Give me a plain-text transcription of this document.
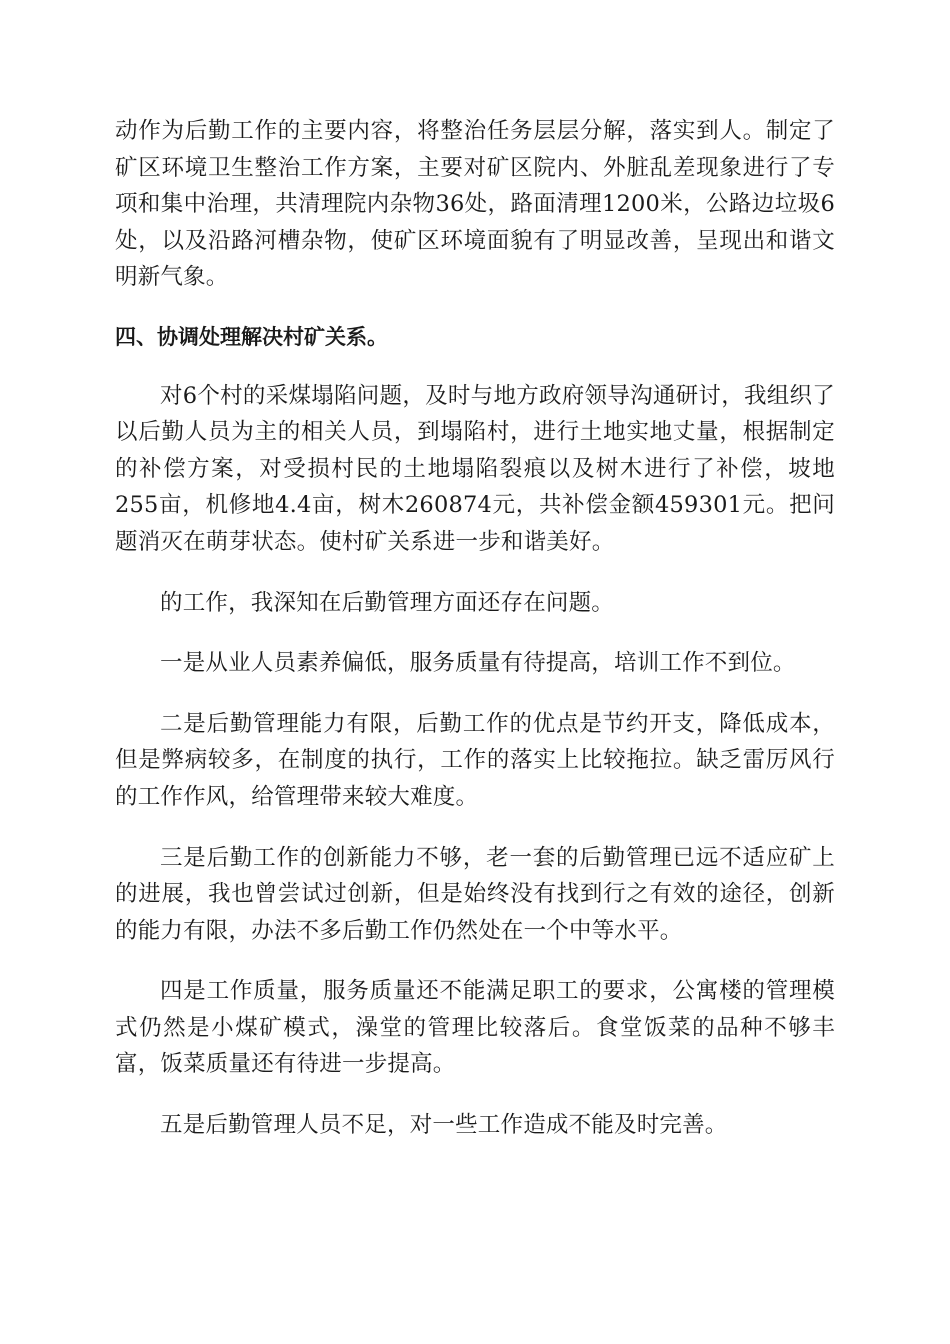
动作为后勤工作的主要内容，将整治任务层层分解，落实到人。制定了矿区环境卫生整治工作方案，主要对矿区院内、外脏乱差现象进行了专项和集中治理，共清理院内杂物36处，路面清理1200米，公路边垃圾6处，以及沿路河槽杂物，使矿区环境面貌有了明显改善，呈现出和谐文明新气象。

四、协调处理解决村矿关系。

对6个村的采煤塌陷问题，及时与地方政府领导沟通研讨，我组织了以后勤人员为主的相关人员，到塌陷村，进行土地实地丈量，根据制定的补偿方案，对受损村民的土地塌陷裂痕以及树木进行了补偿，坡地255亩，机修地4.4亩，树木260874元，共补偿金额459301元。把问题消灭在萌芽状态。使村矿关系进一步和谐美好。

的工作，我深知在后勤管理方面还存在问题。

一是从业人员素养偏低，服务质量有待提高，培训工作不到位。

二是后勤管理能力有限，后勤工作的优点是节约开支，降低成本，但是弊病较多，在制度的执行，工作的落实上比较拖拉。缺乏雷厉风行的工作作风，给管理带来较大难度。

三是后勤工作的创新能力不够，老一套的后勤管理已远不适应矿上的进展，我也曾尝试过创新，但是始终没有找到行之有效的途径，创新的能力有限，办法不多后勤工作仍然处在一个中等水平。

四是工作质量，服务质量还不能满足职工的要求，公寓楼的管理模式仍然是小煤矿模式，澡堂的管理比较落后。食堂饭菜的品种不够丰富，饭菜质量还有待进一步提高。

五是后勤管理人员不足，对一些工作造成不能及时完善。
